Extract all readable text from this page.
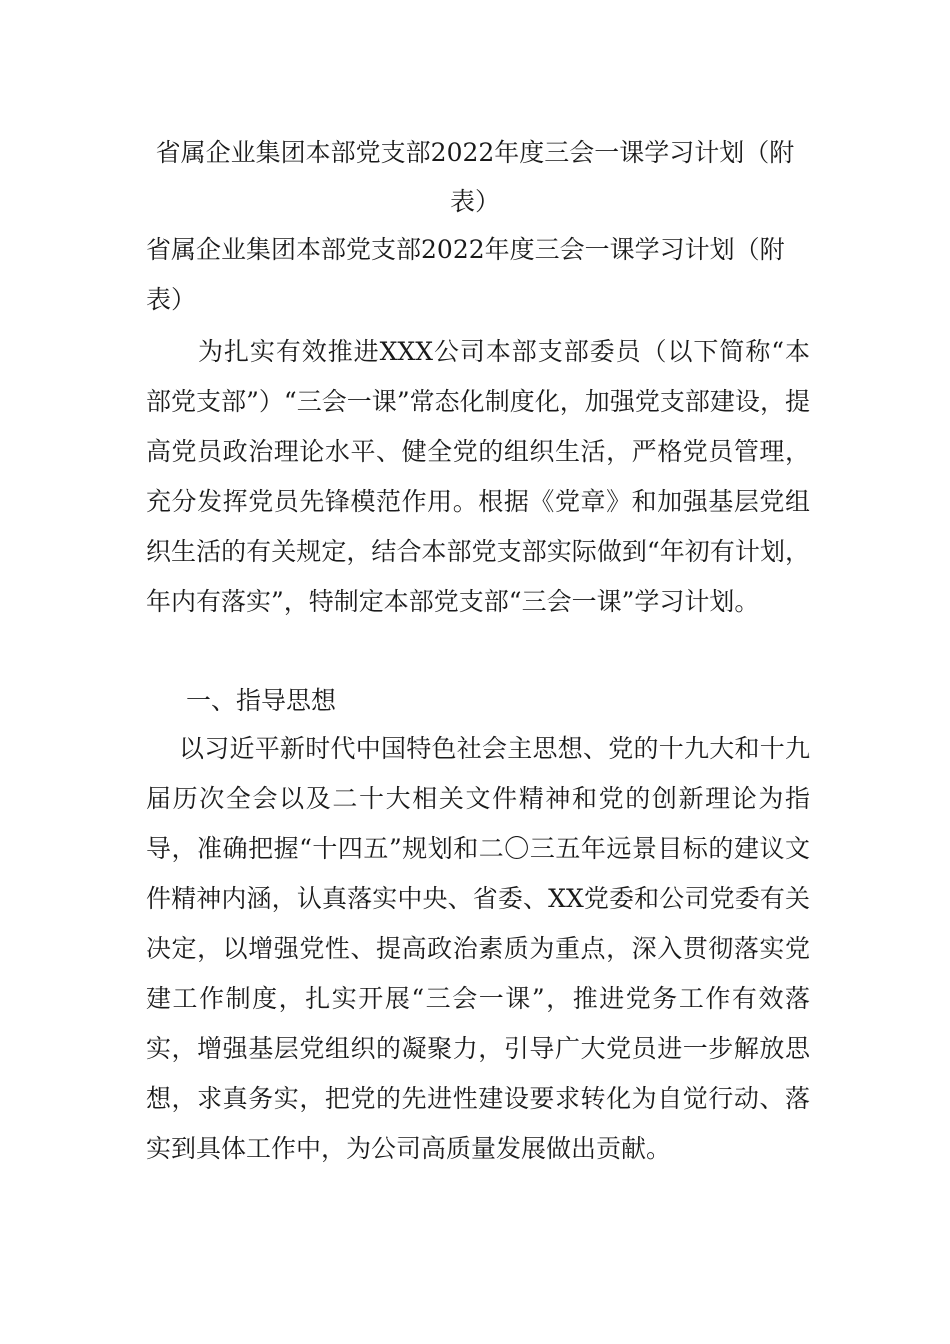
省属企业集团本部党支部2022年度三会一课学习计划（附表）
省属企业集团本部党支部2022年度三会一课学习计划（附表）

为扎实有效推进XXX公司本部支部委员（以下简称“本部党支部”）“三会一课”常态化制度化，加强党支部建设，提高党员政治理论水平、健全党的组织生活，严格党员管理，充分发挥党员先锋模范作用。根据《党章》和加强基层党组织生活的有关规定，结合本部党支部实际做到“年初有计划，年内有落实”，特制定本部党支部“三会一课”学习计划。

一、指导思想

以习近平新时代中国特色社会主思想、党的十九大和十九届历次全会以及二十大相关文件精神和党的创新理论为指导，准确把握“十四五”规划和二〇三五年远景目标的建议文件精神内涵，认真落实中央、省委、XX党委和公司党委有关决定，以增强党性、提高政治素质为重点，深入贯彻落实党建工作制度，扎实开展“三会一课”，推进党务工作有效落实，增强基层党组织的凝聚力，引导广大党员进一步解放思想，求真务实，把党的先进性建设要求转化为自觉行动、落实到具体工作中，为公司高质量发展做出贡献。
